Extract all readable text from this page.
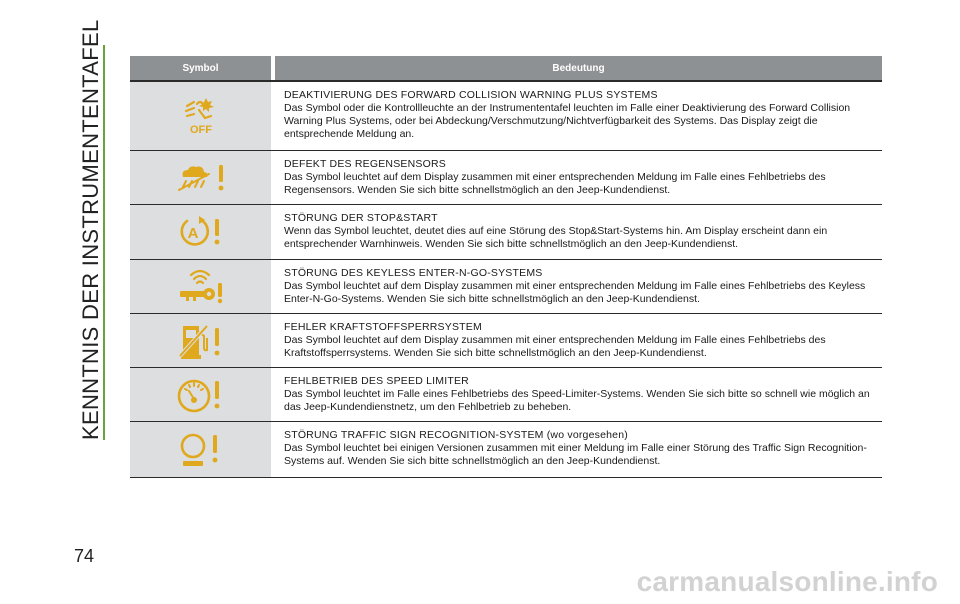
KENNTNIS DER INSTRUMENTENTAFEL	Symbol	Bedeutung
OFF
DEAKTIVIERUNG DES FORWARD COLLISION WARNING PLUS SYSTEMS
Das Symbol oder die Kontrollleuchte an der Instrumententafel leuchten im Falle einer Deaktivierung des Forward Collision Warning Plus Systems, oder bei Abdeckung/Verschmutzung/Nichtverfügbarkeit des Systems. Das Display zeigt die entsprechende Meldung an.
DEFEKT DES REGENSENSORS
Das Symbol leuchtet auf dem Display zusammen mit einer entsprechenden Meldung im Falle eines Fehlbetriebs des Regensensors. Wenden Sie sich bitte schnellstmöglich an den Jeep-Kundendienst.
A
STÖRUNG DER STOP&START
Wenn das Symbol leuchtet, deutet dies auf eine Störung des Stop&Start-Systems hin. Am Display erscheint dann ein entsprechender Warnhinweis. Wenden Sie sich bitte schnellstmöglich an den Jeep-Kundendienst.
STÖRUNG DES KEYLESS ENTER-N-GO-SYSTEMS
Das Symbol leuchtet auf dem Display zusammen mit einer entsprechenden Meldung im Falle eines Fehlbetriebs des Keyless Enter-N-Go-Systems. Wenden Sie sich bitte schnellstmöglich an den Jeep-Kundendienst.
FEHLER KRAFTSTOFFSPERRSYSTEM
Das Symbol leuchtet auf dem Display zusammen mit einer entsprechenden Meldung im Falle eines Fehlbetriebs des Kraftstoffsperrsystems. Wenden Sie sich bitte schnellstmöglich an den Jeep-Kundendienst.
FEHLBETRIEB DES SPEED LIMITER
Das Symbol leuchtet im Falle eines Fehlbetriebs des Speed-Limiter-Systems. Wenden Sie sich bitte so schnell wie möglich an das Jeep-Kundendienstnetz, um den Fehlbetrieb zu beheben.
STÖRUNG TRAFFIC SIGN RECOGNITION-SYSTEM (wo vorgesehen)
Das Symbol leuchtet bei einigen Versionen zusammen mit einer Meldung im Falle einer Störung des Traffic Sign Recognition-Systems auf. Wenden Sie sich bitte schnellstmöglich an den Jeep-Kundendienst.
74
carmanualsonline.info
